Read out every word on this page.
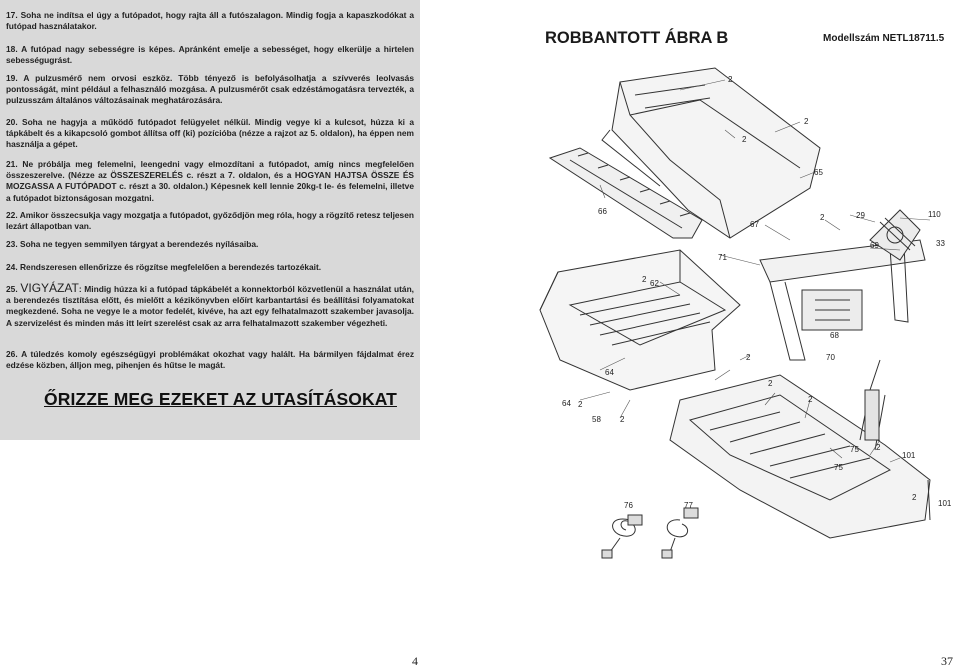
17. Soha ne indítsa el úgy a futópadot, hogy rajta áll a futószalagon. Mindig fogja a kapaszkodókat a futópad használatakor.
18. A futópad nagy sebességre is képes. Apránként emelje a sebességet, hogy elkerülje a hirtelen sebességugrást.
19. A pulzusmérő nem orvosi eszköz. Több tényező is befolyásolhatja a szívverés leolvasás pontosságát, mint például a felhasználó mozgása. A pulzusmérőt csak edzéstámogatásra tervezték, a pulzusszám általános változásainak meghatározására.
20. Soha ne hagyja a működő futópadot felügyelet nélkül. Mindig vegye ki a kulcsot, húzza ki a tápkábelt és a kikapcsoló gombot állítsa off (ki) pozícióba (nézze a rajzot az 5. oldalon), ha éppen nem használja a gépet.
21. Ne próbálja meg felemelni, leengedni vagy elmozdítani a futópadot, amíg nincs megfelelően összeszerelve. (Nézze az ÖSSZESZERELÉS c. részt a 7. oldalon, és a HOGYAN HAJTSA ÖSSZE ÉS MOZGASSA A FUTÓPADOT c. részt a 30. oldalon.) Képesnek kell lennie 20kg-t le- és felemelni, illetve a futópadot biztonságosan mozgatni.
22. Amikor összecsukja vagy mozgatja a futópadot, győződjön meg róla, hogy a rögzítő retesz teljesen lezárt állapotban van.
23. Soha ne tegyen semmilyen tárgyat a berendezés nyílásaiba.
24. Rendszeresen ellenőrizze és rögzítse megfelelően a berendezés tartozékait.
25. VIGYÁZAT: Mindig húzza ki a futópad tápkábelét a konnektorból közvetlenül a használat után, a berendezés tisztítása előtt, és mielőtt a kézikönyvben előírt karbantartási és beállítási folyamatokat megkezdené. Soha ne vegye le a motor fedelét, kivéve, ha azt egy felhatalmazott szakember javasolja. A szervizelést és minden más itt leírt szerelést csak az arra felhatalmazott szakember végezheti.
26. A túledzés komoly egészségügyi problémákat okozhat vagy halált. Ha bármilyen fájdalmat érez edzése közben, álljon meg, pihenjen és hűtse le magát.
ŐRIZZE MEG EZEKET AZ UTASÍTÁSOKAT
ROBBANTOTT ÁBRA B	Modellszám NETL18711.5
2
2
2
65
66
67
29	110
71
69	33
2
2 62
2
64
68
70
2
2
2
64
58 2
76	77
75
75
2
101
2
101
4	37
